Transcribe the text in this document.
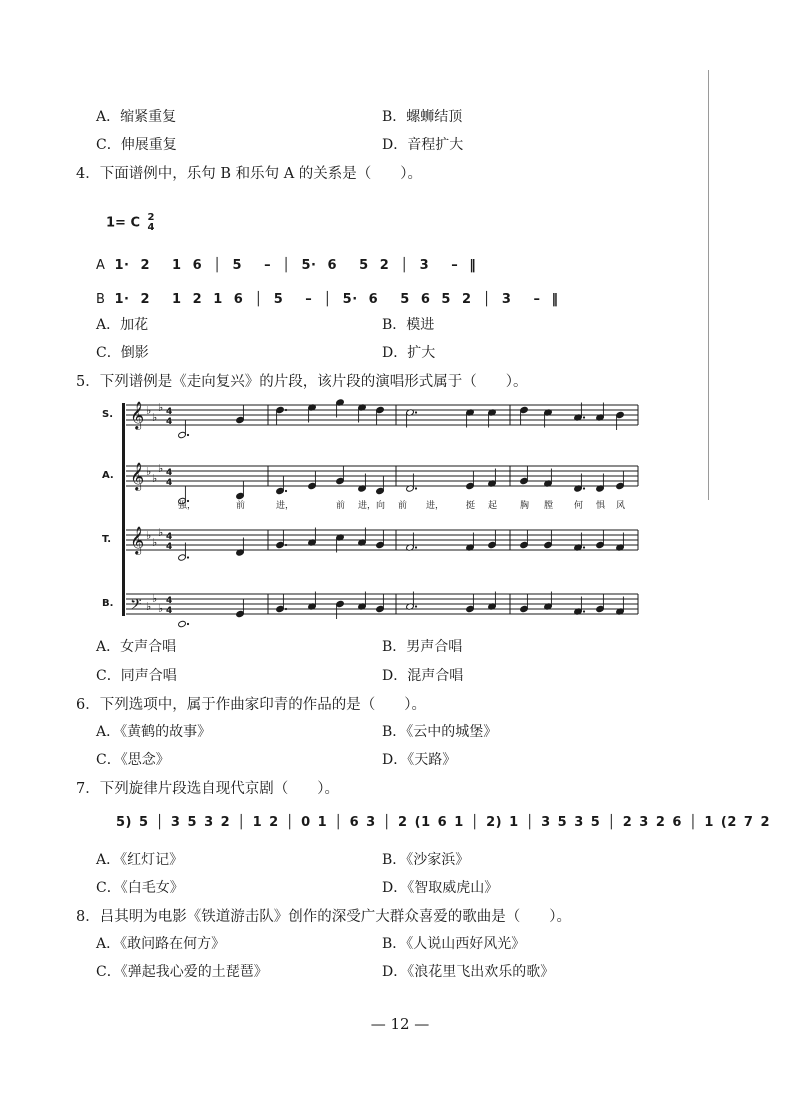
A．缩紧重复	B．螺蛳结顶
C．伸展重复	D．音程扩大
4．下面谱例中，乐句 B 和乐句 A 的关系是（　　）。
1= C 2
4
A 1· 2  1 6 │ 5  – │ 5· 6  5 2 │ 3  – ‖
B 1· 2  1 2 1 6 │ 5  – │ 5· 6  5 6 5 2 │ 3  – ‖
A．加花	B．模进
C．倒影	D．扩大
5．下列谱例是《走向复兴》的片段，该片段的演唱形式属于（　　）。
S. 𝄞 ♭
♭
♭ 4
4
A. 𝄞 ♭
♭
♭ 4
4
T. 𝄞 ♭
♭
♭ 4
4
B. 𝄢 ♭
♭
♭
4
4
强，	前	进，	前 进， 向 前 进， 挺 起	胸 膛 何 惧 风
A．女声合唱	B．男声合唱
C．同声合唱	D．混声合唱
6．下列选项中，属于作曲家印青的作品的是（　　）。
A．《黄鹤的故事》	B．《云中的城堡》
C．《思念》	D．《天路》
7．下列旋律片段选自现代京剧（　　）。
5) 5 │ 3 5 3 2 │ 1 2 │ 0 1 │ 6 3 │ 2 (1 6 1 │ 2) 1 │ 3 5 3 5 │ 2 3 2 6 │ 1 (2 7 2
A．《红灯记》	B．《沙家浜》
C．《白毛女》	D．《智取威虎山》
8．吕其明为电影《铁道游击队》创作的深受广大群众喜爱的歌曲是（　　）。
A．《敢问路在何方》	B．《人说山西好风光》
C．《弹起我心爱的土琵琶》	D．《浪花里飞出欢乐的歌》
— 12 —
